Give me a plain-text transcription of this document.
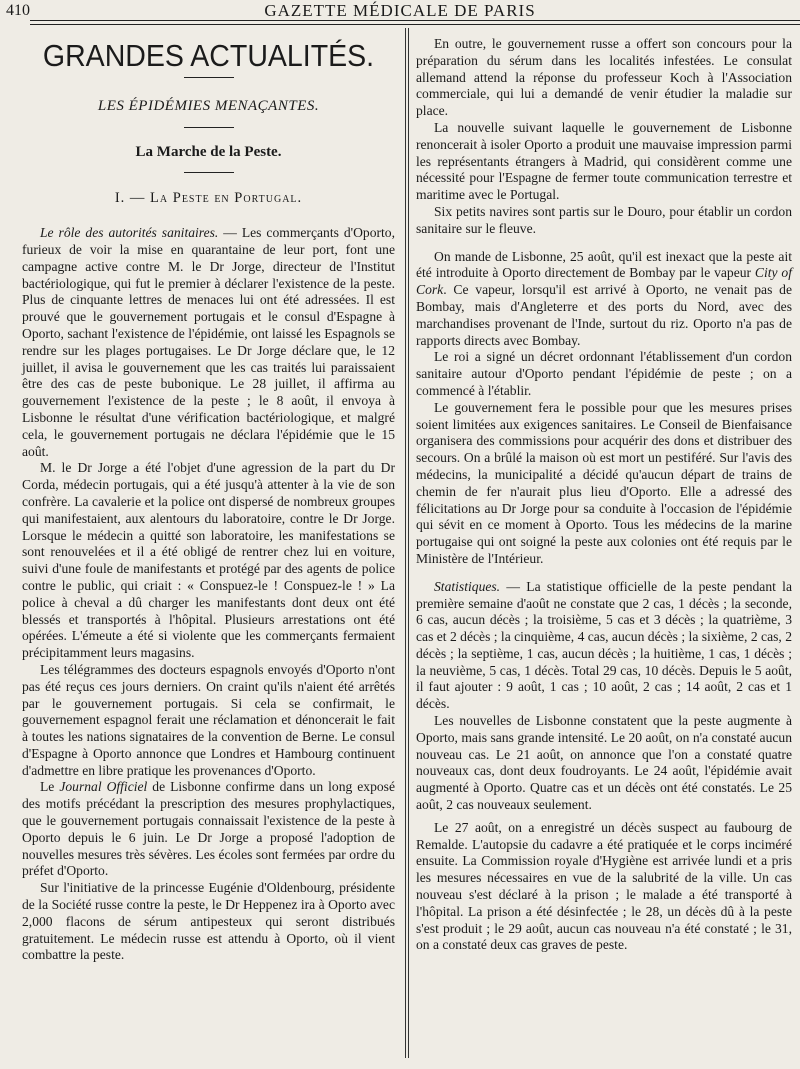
410	GAZETTE MÉDICALE DE PARIS
GRANDES ACTUALITÉS.
LES ÉPIDÉMIES MENAÇANTES.
La Marche de la Peste.
I. — La Peste en Portugal.

Le rôle des autorités sanitaires. — Les commerçants d'Oporto, furieux de voir la mise en quarantaine de leur port, font une campagne active contre M. le Dr Jorge, directeur de l'Institut bactériologique, qui fut le premier à déclarer l'existence de la peste. Plus de cinquante lettres de menaces lui ont été adressées. Il est prouvé que le gouvernement portugais et le consul d'Espagne à Oporto, sachant l'existence de l'épidémie, ont laissé les Espagnols se rendre sur les plages portugaises. Le Dr Jorge déclare que, le 12 juillet, il avisa le gouvernement que les cas traités lui paraissaient être des cas de peste bubonique. Le 28 juillet, il affirma au gouvernement l'existence de la peste ; le 8 août, il envoya à Lisbonne le résultat d'une vérification bactériologique, et malgré cela, le gouvernement portugais ne déclara l'épidémie que le 15 août.

M. le Dr Jorge a été l'objet d'une agression de la part du Dr Corda, médecin portugais, qui a été jusqu'à attenter à la vie de son confrère. La cavalerie et la police ont dispersé de nombreux groupes qui manifestaient, aux alentours du laboratoire, contre le Dr Jorge. Lorsque le médecin a quitté son laboratoire, les manifestations se sont renouvelées et il a été obligé de rentrer chez lui en voiture, suivi d'une foule de manifestants et protégé par des agents de police contre le public, qui criait : « Conspuez-le ! Conspuez-le ! » La police à cheval a dû charger les manifestants dont deux ont été blessés et transportés à l'hôpital. Plusieurs arrestations ont été opérées. L'émeute a été si violente que les commerçants fermaient précipitamment leurs magasins.

Les télégrammes des docteurs espagnols envoyés d'Oporto n'ont pas été reçus ces jours derniers. On craint qu'ils n'aient été arrêtés par le gouvernement portugais. Si cela se confirmait, le gouvernement espagnol ferait une réclamation et dénoncerait le fait à toutes les nations signataires de la convention de Berne. Le consul d'Espagne à Oporto annonce que Londres et Hambourg continuent d'admettre en libre pratique les provenances d'Oporto.

Le Journal Officiel de Lisbonne confirme dans un long exposé des motifs précédant la prescription des mesures prophylactiques, que le gouvernement portugais connaissait l'existence de la peste à Oporto depuis le 6 juin. Le Dr Jorge a proposé l'adoption de nouvelles mesures très sévères. Les écoles sont fermées par ordre du préfet d'Oporto.

Sur l'initiative de la princesse Eugénie d'Oldenbourg, présidente de la Société russe contre la peste, le Dr Heppenez ira à Oporto avec 2,000 flacons de sérum antipesteux qui seront distribués gratuitement. Le médecin russe est attendu à Oporto, où il vient combattre la peste.

En outre, le gouvernement russe a offert son concours pour la préparation du sérum dans les localités infestées. Le consulat allemand attend la réponse du professeur Koch à l'Association commerciale, qui lui a demandé de venir étudier la maladie sur place.

La nouvelle suivant laquelle le gouvernement de Lisbonne renoncerait à isoler Oporto a produit une mauvaise impression parmi les représentants étrangers à Madrid, qui considèrent comme une nécessité pour l'Espagne de fermer toute communication terrestre et maritime avec le Portugal.

Six petits navires sont partis sur le Douro, pour établir un cordon sanitaire sur le fleuve.

On mande de Lisbonne, 25 août, qu'il est inexact que la peste ait été introduite à Oporto directement de Bombay par le vapeur City of Cork. Ce vapeur, lorsqu'il est arrivé à Oporto, ne venait pas de Bombay, mais d'Angleterre et des ports du Nord, avec des marchandises provenant de l'Inde, surtout du riz. Oporto n'a pas de rapports directs avec Bombay.

Le roi a signé un décret ordonnant l'établissement d'un cordon sanitaire autour d'Oporto pendant l'épidémie de peste ; on a commencé à l'établir.

Le gouvernement fera le possible pour que les mesures prises soient limitées aux exigences sanitaires. Le Conseil de Bienfaisance organisera des commissions pour acquérir des dons et distribuer des secours. On a brûlé la maison où est mort un pestiféré. Sur l'avis des médecins, la municipalité a décidé qu'aucun départ de trains de chemin de fer n'aurait plus lieu d'Oporto. Elle a adressé des félicitations au Dr Jorge pour sa conduite à l'occasion de l'épidémie qui sévit en ce moment à Oporto. Tous les médecins de la marine portugaise qui ont soigné la peste aux colonies ont été requis par le Ministère de l'Intérieur.

Statistiques. — La statistique officielle de la peste pendant la première semaine d'août ne constate que 2 cas, 1 décès ; la seconde, 6 cas, aucun décès ; la troisième, 5 cas et 3 décès ; la quatrième, 3 cas et 2 décès ; la cinquième, 4 cas, aucun décès ; la sixième, 2 cas, 2 décès ; la septième, 1 cas, aucun décès ; la huitième, 1 cas, 1 décès ; la neuvième, 5 cas, 1 décès. Total 29 cas, 10 décès. Depuis le 5 août, il faut ajouter : 9 août, 1 cas ; 10 août, 2 cas ; 14 août, 2 cas et 1 décès.

Les nouvelles de Lisbonne constatent que la peste augmente à Oporto, mais sans grande intensité. Le 20 août, on n'a constaté aucun nouveau cas. Le 21 août, on annonce que l'on a constaté quatre nouveaux cas, dont deux foudroyants. Le 24 août, l'épidémie avait augmenté à Oporto. Quatre cas et un décès ont été constatés. Le 25 août, 2 cas nouveaux seulement.

Le 27 août, on a enregistré un décès suspect au faubourg de Remalde. L'autopsie du cadavre a été pratiquée et le corps inciméré ensuite. La Commission royale d'Hygiène est arrivée lundi et a pris les mesures nécessaires en vue de la salubrité de la ville. Un cas nouveau s'est déclaré à la prison ; le malade a été transporté à l'hôpital. La prison a été désinfectée ; le 28, un décès dû à la peste s'est produit ; le 29 août, aucun cas nouveau n'a été constaté ; le 31, on a constaté deux cas graves de peste.
